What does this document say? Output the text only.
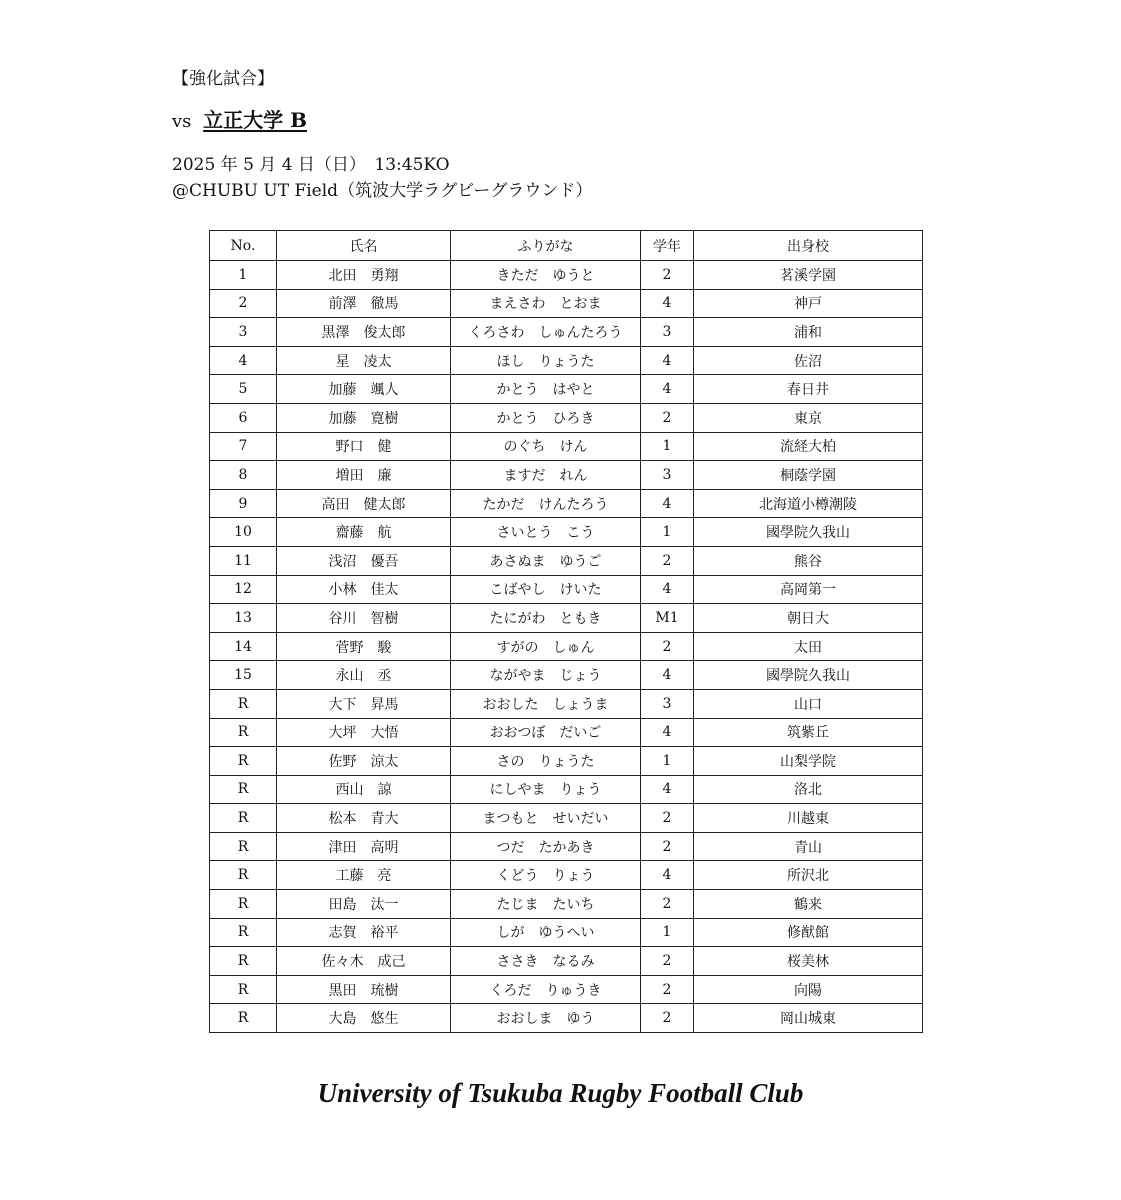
【強化試合】
vs 立正大学 B
2025 年 5 月 4 日（日）　13:45KO
@CHUBU UT Field（筑波大学ラグビーグラウンド）
No.	氏名	ふりがな	学年	出身校
1	北田　勇翔	きただ　ゆうと	2	茗溪学園
2	前澤　徹馬	まえさわ　とおま	4	神戸
3	黒澤　俊太郎	くろさわ　しゅんたろう	3	浦和
4	星　凌太	ほし　りょうた	4	佐沼
5	加藤　颯人	かとう　はやと	4	春日井
6	加藤　寛樹	かとう　ひろき	2	東京
7	野口　健	のぐち　けん	1	流経大柏
8	増田　廉	ますだ　れん	3	桐蔭学園
9	高田　健太郎	たかだ　けんたろう	4	北海道小樽潮陵
10	齋藤　航	さいとう　こう	1	國學院久我山
11	浅沼　優吾	あさぬま　ゆうご	2	熊谷
12	小林　佳太	こばやし　けいた	4	高岡第一
13	谷川　智樹	たにがわ　ともき	M1	朝日大
14	菅野　駿	すがの　しゅん	2	太田
15	永山　丞	ながやま　じょう	4	國學院久我山
R	大下　昇馬	おおした　しょうま	3	山口
R	大坪　大悟	おおつぼ　だいご	4	筑紫丘
R	佐野　涼太	さの　りょうた	1	山梨学院
R	西山　諒	にしやま　りょう	4	洛北
R	松本　青大	まつもと　せいだい	2	川越東
R	津田　高明	つだ　たかあき	2	青山
R	工藤　亮	くどう　りょう	4	所沢北
R	田島　汰一	たじま　たいち	2	鶴来
R	志賀　裕平	しが　ゆうへい	1	修猷館
R	佐々木　成己	ささき　なるみ	2	桜美林
R	黒田　琉樹	くろだ　りゅうき	2	向陽
R	大島　悠生	おおしま　ゆう	2	岡山城東
University of Tsukuba Rugby Football Club
